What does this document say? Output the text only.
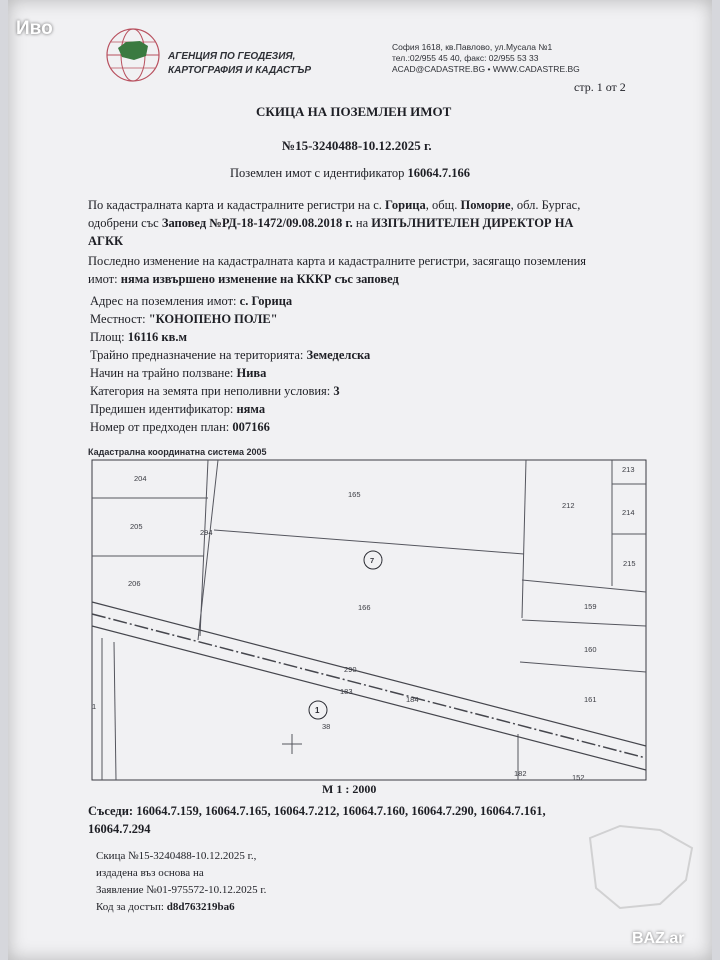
Иво
АГЕНЦИЯ ПО ГЕОДЕЗИЯ,
КАРТОГРАФИЯ И КАДАСТЪР
София 1618, кв.Павлово, ул.Мусала №1
тел.:02/955 45 40, факс: 02/955 53 33
ACAD@CADASTRE.BG • WWW.CADASTRE.BG
стр. 1 от 2
СКИЦА НА ПОЗЕМЛЕН ИМОТ
№15-3240488-10.12.2025 г.
Поземлен имот с идентификатор 16064.7.166
По кадастралната карта и кадастралните регистри на с. Горица, общ. Поморие, обл. Бургас,
одобрени със Заповед №РД-18-1472/09.08.2018 г. на ИЗПЪЛНИТЕЛЕН ДИРЕКТОР НА
АГКК
Последно изменение на кадастралната карта и кадастралните регистри, засягащо поземления
имот: няма извършено изменение на КККР със заповед
Адрес на поземления имот: с. Горица
Местност: "КОНОПЕНО ПОЛЕ"
Площ: 16116 кв.м
Трайно предназначение на територията: Земеделска
Начин на трайно ползване: Нива
Категория на земята при неполивни условия: 3
Предишен идентификатор: няма
Номер от предходен план: 007166
Кадастрална координатна система 2005
204
205
206
294
165
166
7
212
213
214
215
159
160
161
1
290
183
184
38
182	152
1
М 1 : 2000
Съседи: 16064.7.159, 16064.7.165, 16064.7.212, 16064.7.160, 16064.7.290, 16064.7.161,
16064.7.294
Скица №15-3240488-10.12.2025 г.,
издадена въз основа на
Заявление №01-975572-10.12.2025 г.
Код за достъп: d8d763219ba6
BAZ.ar
